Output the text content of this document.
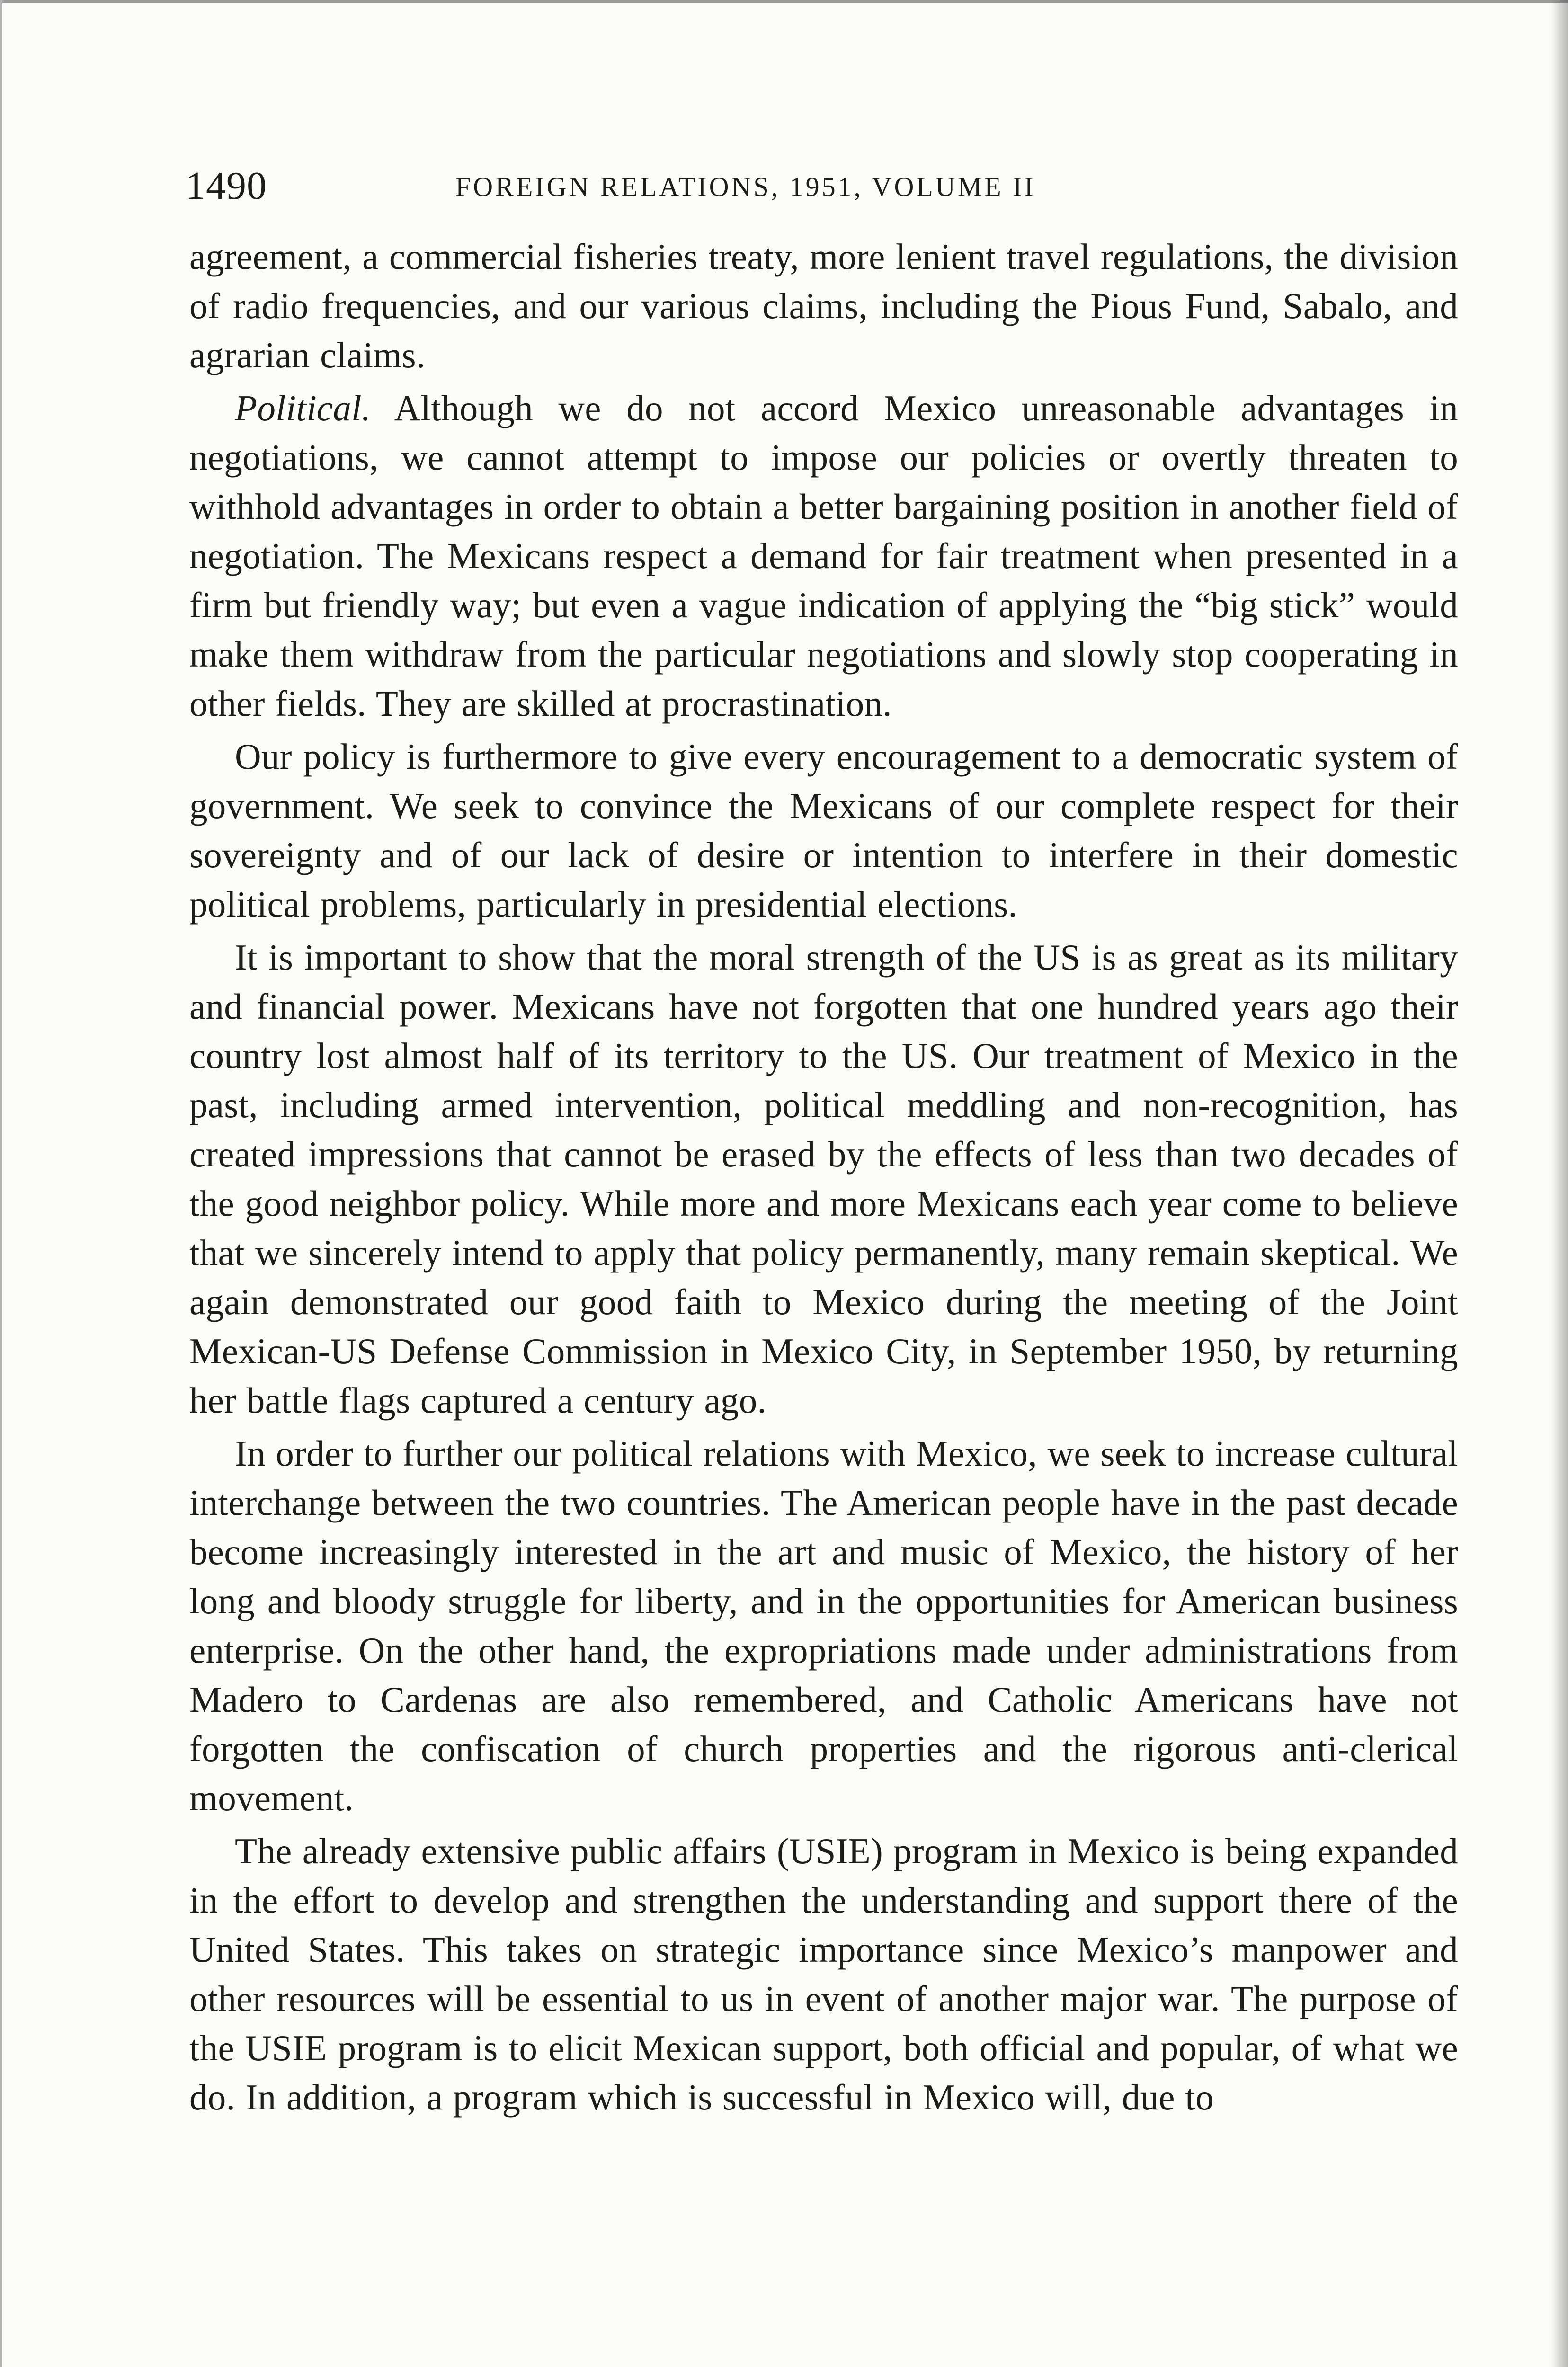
1490	FOREIGN RELATIONS, 1951, VOLUME II

agreement, a commercial fisheries treaty, more lenient travel regulations, the division of radio frequencies, and our various claims, including the Pious Fund, Sabalo, and agrarian claims.

Political. Although we do not accord Mexico unreasonable advantages in negotiations, we cannot attempt to impose our policies or overtly threaten to withhold advantages in order to obtain a better bargaining position in another field of negotiation. The Mexicans respect a demand for fair treatment when presented in a firm but friendly way; but even a vague indication of applying the “big stick” would make them withdraw from the particular negotiations and slowly stop cooperating in other fields. They are skilled at procrastination.

Our policy is furthermore to give every encouragement to a democratic system of government. We seek to convince the Mexicans of our complete respect for their sovereignty and of our lack of desire or intention to interfere in their domestic political problems, particularly in presidential elections.

It is important to show that the moral strength of the US is as great as its military and financial power. Mexicans have not forgotten that one hundred years ago their country lost almost half of its territory to the US. Our treatment of Mexico in the past, including armed intervention, political meddling and non-recognition, has created impressions that cannot be erased by the effects of less than two decades of the good neighbor policy. While more and more Mexicans each year come to believe that we sincerely intend to apply that policy permanently, many remain skeptical. We again demonstrated our good faith to Mexico during the meeting of the Joint Mexican-US Defense Commission in Mexico City, in September 1950, by returning her battle flags captured a century ago.

In order to further our political relations with Mexico, we seek to increase cultural interchange between the two countries. The American people have in the past decade become increasingly interested in the art and music of Mexico, the history of her long and bloody struggle for liberty, and in the opportunities for American business enterprise. On the other hand, the expropriations made under administrations from Madero to Cardenas are also remembered, and Catholic Americans have not forgotten the confiscation of church properties and the rigorous anti-clerical movement.

The already extensive public affairs (USIE) program in Mexico is being expanded in the effort to develop and strengthen the understanding and support there of the United States. This takes on strategic importance since Mexico’s manpower and other resources will be essential to us in event of another major war. The purpose of the USIE program is to elicit Mexican support, both official and popular, of what we do. In addition, a program which is successful in Mexico will, due to
